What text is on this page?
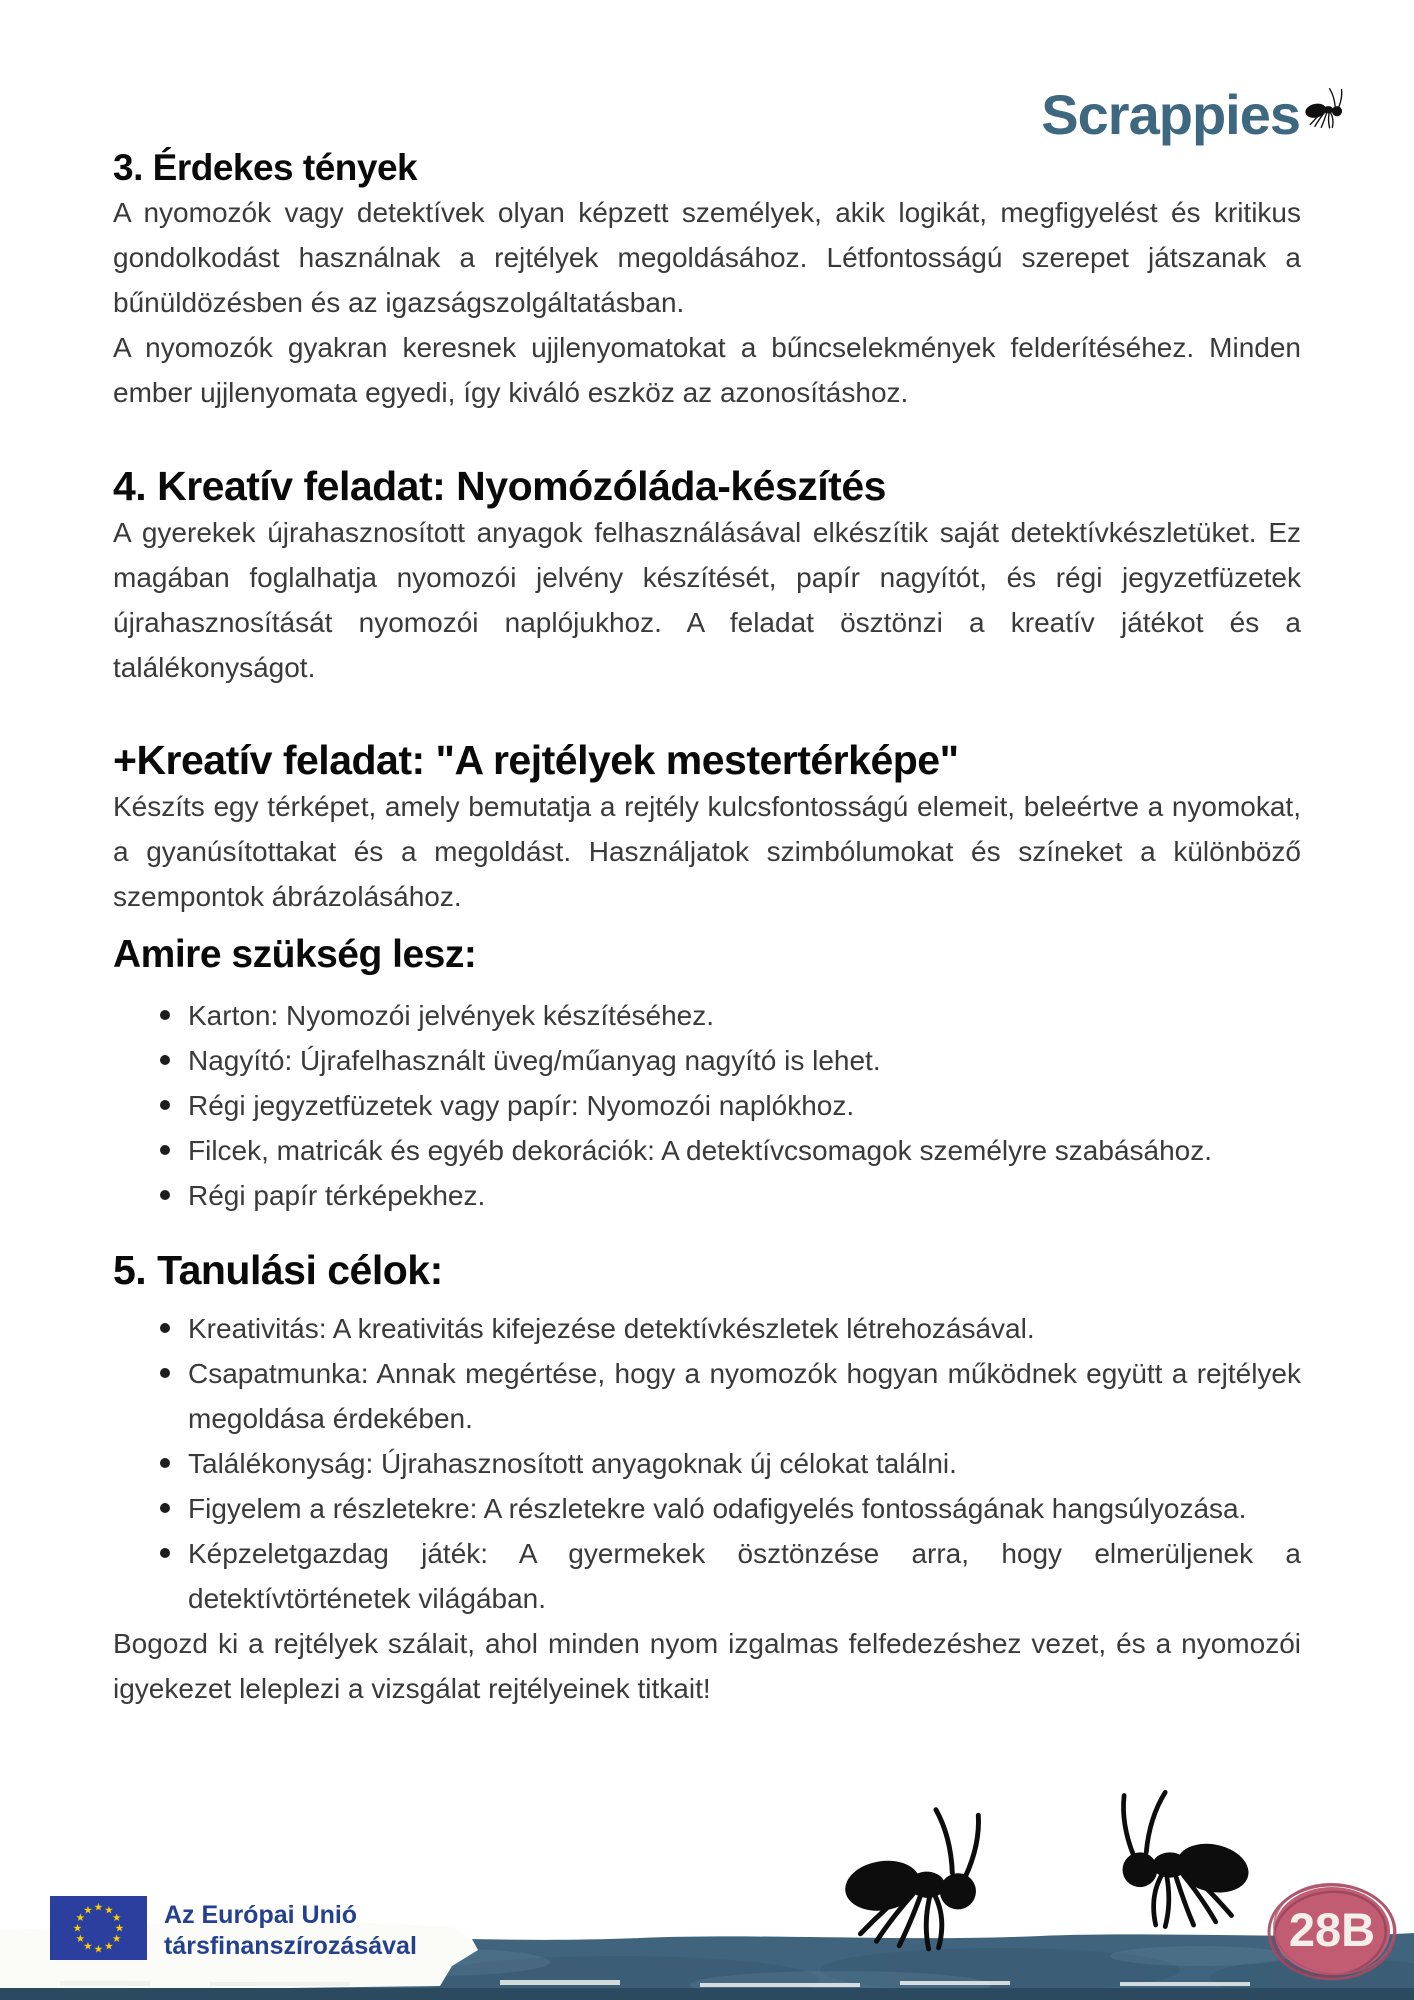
Scrappies
3. Érdekes tények

A nyomozók vagy detektívek olyan képzett személyek, akik logikát, megfigyelést és kritikus gondolkodást használnak a rejtélyek megoldásához. Létfontosságú szerepet játszanak a bűnüldözésben és az igazságszolgáltatásban.

A nyomozók gyakran keresnek ujjlenyomatokat a bűncselekmények felderítéséhez. Minden ember ujjlenyomata egyedi, így kiváló eszköz az azonosításhoz.

4. Kreatív feladat: Nyomózóláda-készítés

A gyerekek újrahasznosított anyagok felhasználásával elkészítik saját detektívkészletüket. Ez magában foglalhatja nyomozói jelvény készítését, papír nagyítót, és régi jegyzetfüzetek újrahasznosítását nyomozói naplójukhoz. A feladat ösztönzi a kreatív játékot és a találékonyságot.

+Kreatív feladat: "A rejtélyek mestertérképe"

Készíts egy térképet, amely bemutatja a rejtély kulcsfontosságú elemeit, beleértve a nyomokat, a gyanúsítottakat és a megoldást. Használjatok szimbólumokat és színeket a különböző szempontok ábrázolásához.

Amire szükség lesz:
Karton: Nyomozói jelvények készítéséhez.
Nagyító: Újrafelhasznált üveg/műanyag nagyító is lehet.
Régi jegyzetfüzetek vagy papír: Nyomozói naplókhoz.
Filcek, matricák és egyéb dekorációk: A detektívcsomagok személyre szabásához.
Régi papír térképekhez.
5. Tanulási célok:
Kreativitás: A kreativitás kifejezése detektívkészletek létrehozásával.
Csapatmunka: Annak megértése, hogy a nyomozók hogyan működnek együtt a rejtélyek megoldása érdekében.
Találékonyság: Újrahasznosított anyagoknak új célokat találni.
Figyelem a részletekre: A részletekre való odafigyelés fontosságának hangsúlyozása.
Képzeletgazdag játék: A gyermekek ösztönzése arra, hogy elmerüljenek a detektívtörténetek világában.

Bogozd ki a rejtélyek szálait, ahol minden nyom izgalmas felfedezéshez vezet, és a nyomozói igyekezet leleplezi a vizsgálat rejtélyeinek titkait!

★ ★
★
★
★
★
★
★
★
★
★
★	Az Európai Unió
társfinanszírozásával	28B
